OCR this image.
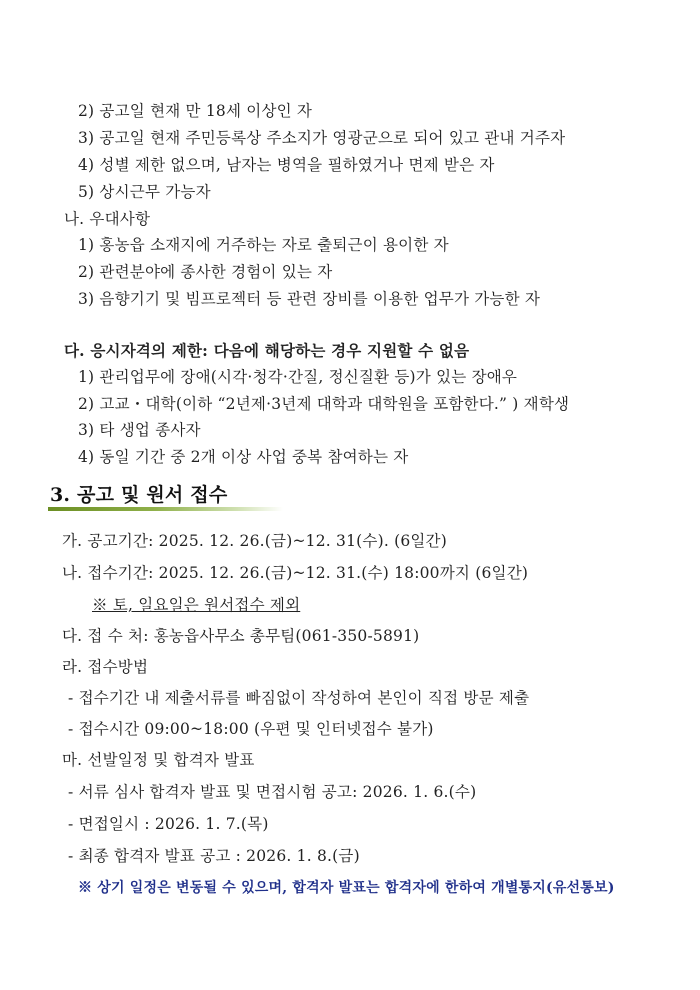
2) 공고일 현재 만 18세 이상인 자
3) 공고일 현재 주민등록상 주소지가 영광군으로 되어 있고 관내 거주자
4) 성별 제한 없으며, 남자는 병역을 필하였거나 면제 받은 자
5) 상시근무 가능자
나. 우대사항
1) 홍농읍 소재지에 거주하는 자로 출퇴근이 용이한 자
2) 관련분야에 종사한 경험이 있는 자
3) 음향기기 및 빔프로젝터 등 관련 장비를 이용한 업무가 가능한 자
다. 응시자격의 제한: 다음에 해당하는 경우 지원할 수 없음
1) 관리업무에 장애(시각·청각·간질, 정신질환 등)가 있는 장애우
2) 고교・대학(이하 “2년제·3년제 대학과 대학원을 포함한다.” ) 재학생
3) 타 생업 종사자
4) 동일 기간 중 2개 이상 사업 중복 참여하는 자
3. 공고 및 원서 접수
가. 공고기간: 2025. 12. 26.(금)~12. 31(수). (6일간)
나. 접수기간: 2025. 12. 26.(금)~12. 31.(수) 18:00까지 (6일간)
※ 토, 일요일은 원서접수 제외
다. 접 수 처: 홍농읍사무소 총무팀(061-350-5891)
라. 접수방법
- 접수기간 내 제출서류를 빠짐없이 작성하여 본인이 직접 방문 제출
- 접수시간 09:00~18:00 (우편 및 인터넷접수 불가)
마. 선발일정 및 합격자 발표
- 서류 심사 합격자 발표 및 면접시험 공고: 2026. 1. 6.(수)
- 면접일시 : 2026. 1. 7.(목)
- 최종 합격자 발표 공고 : 2026. 1. 8.(금)
※ 상기 일정은 변동될 수 있으며, 합격자 발표는 합격자에 한하여 개별통지(유선통보)
